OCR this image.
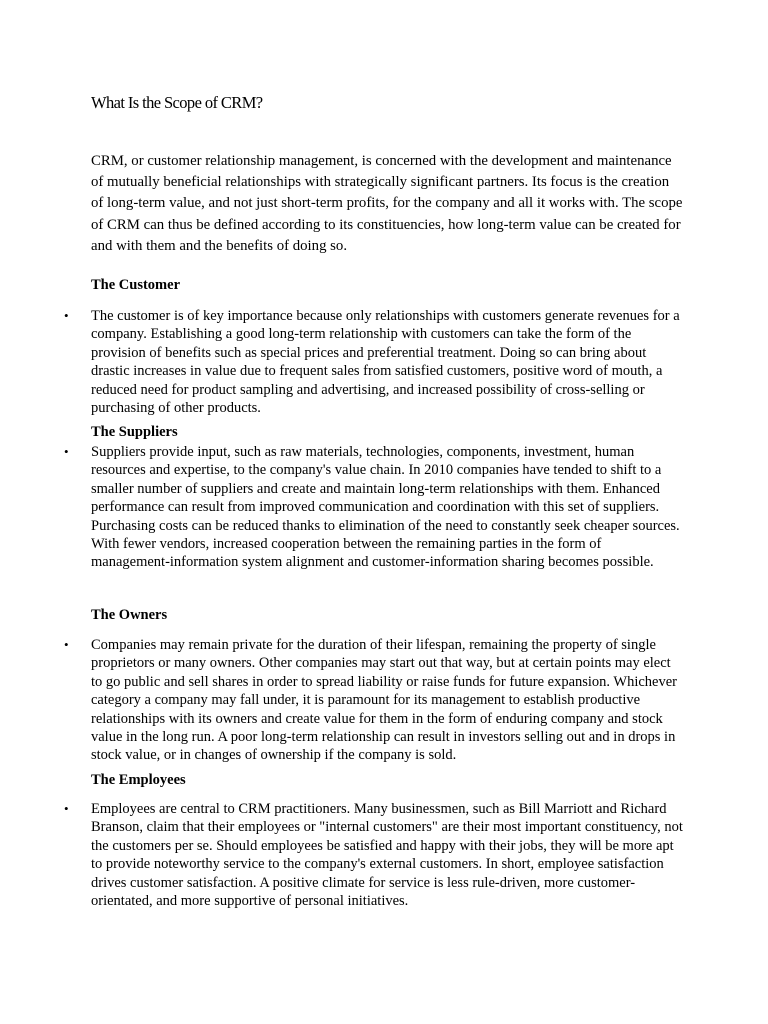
What Is the Scope of CRM?

CRM, or customer relationship management, is concerned with the development and maintenance of mutually beneficial relationships with strategically significant partners. Its focus is the creation of long-term value, and not just short-term profits, for the company and all it works with. The scope of CRM can thus be defined according to its constituencies, how long-term value can be created for and with them and the benefits of doing so.

The Customer
• The customer is of key importance because only relationships with customers generate revenues for a company. Establishing a good long-term relationship with customers can take the form of the provision of benefits such as special prices and preferential treatment. Doing so can bring about drastic increases in value due to frequent sales from satisfied customers, positive word of mouth, a reduced need for product sampling and advertising, and increased possibility of cross-selling or purchasing of other products.

The Suppliers
• Suppliers provide input, such as raw materials, technologies, components, investment, human resources and expertise, to the company's value chain. In 2010 companies have tended to shift to a smaller number of suppliers and create and maintain long-term relationships with them. Enhanced performance can result from improved communication and coordination with this set of suppliers. Purchasing costs can be reduced thanks to elimination of the need to constantly seek cheaper sources. With fewer vendors, increased cooperation between the remaining parties in the form of management-information system alignment and customer-information sharing becomes possible.

The Owners
• Companies may remain private for the duration of their lifespan, remaining the property of single proprietors or many owners. Other companies may start out that way, but at certain points may elect to go public and sell shares in order to spread liability or raise funds for future expansion. Whichever category a company may fall under, it is paramount for its management to establish productive relationships with its owners and create value for them in the form of enduring company and stock value in the long run. A poor long-term relationship can result in investors selling out and in drops in stock value, or in changes of ownership if the company is sold.

The Employees
• Employees are central to CRM practitioners. Many businessmen, such as Bill Marriott and Richard Branson, claim that their employees or "internal customers" are their most important constituency, not the customers per se. Should employees be satisfied and happy with their jobs, they will be more apt to provide noteworthy service to the company's external customers. In short, employee satisfaction drives customer satisfaction. A positive climate for service is less rule-driven, more customer-orientated, and more supportive of personal initiatives.
